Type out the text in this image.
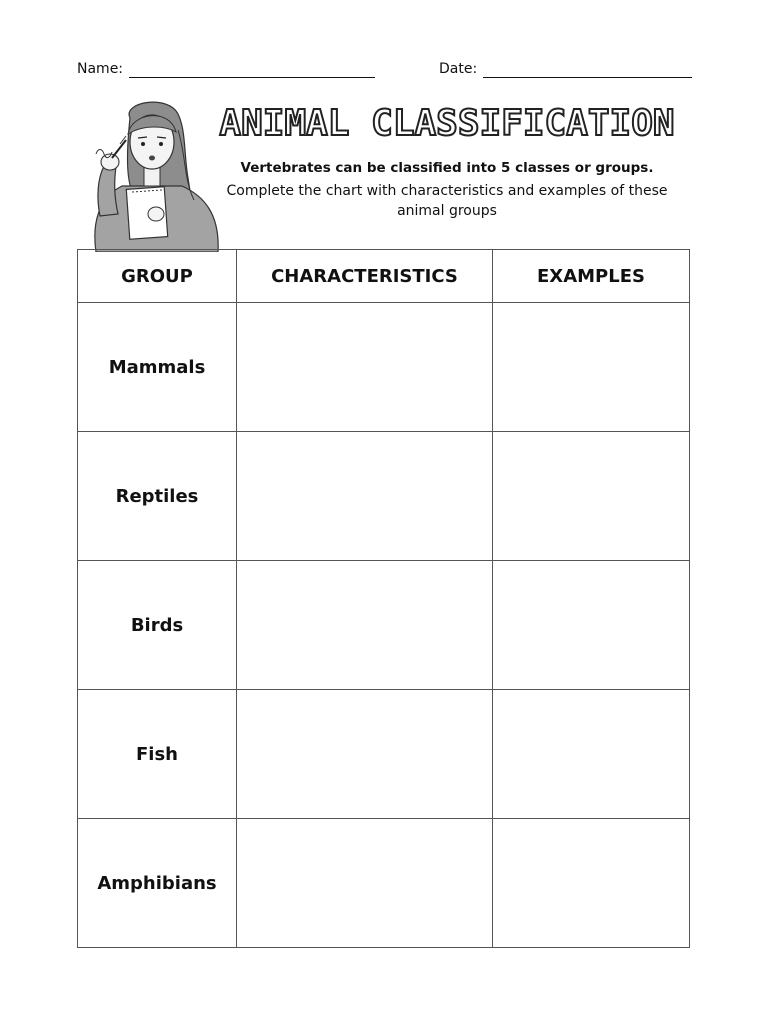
Name:	Date:
ANIMAL CLASSIFICATION
Vertebrates can be classified into 5 classes or groups.
Complete the chart with characteristics and examples of these animal groups
GROUP	CHARACTERISTICS	EXAMPLES
Mammals		
Reptiles		
Birds		
Fish		
Amphibians		
